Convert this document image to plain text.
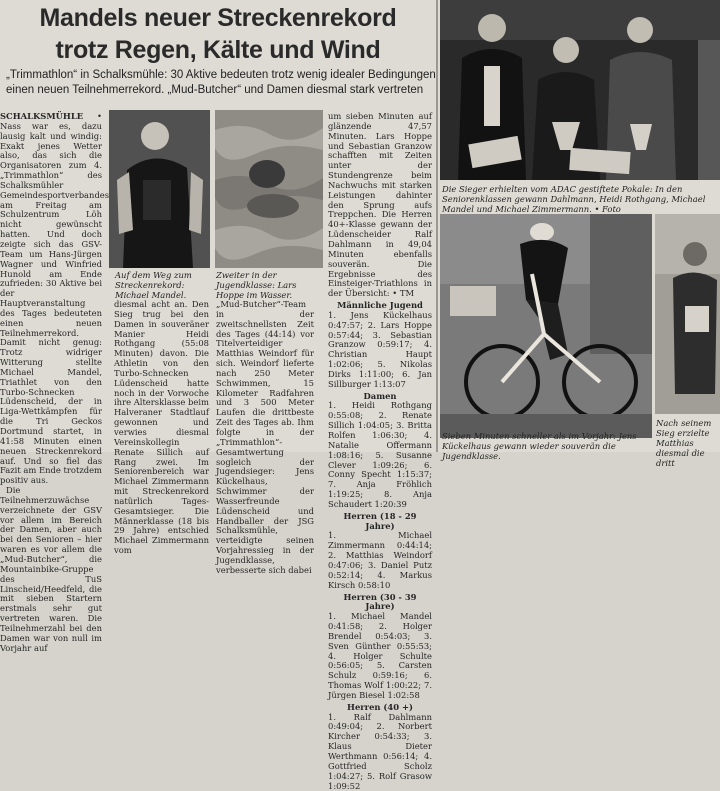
Mandels neuer Streckenrekord
trotz Regen, Kälte und Wind
„Trimmathlon“ in Schalksmühle: 30 Aktive bedeuten trotz wenig idealer Bedingungen einen neuen Teilnehmerrekord. „Mud-Butcher“ und Damen diesmal stark vertreten

SCHALKSMÜHLE • Nass war es, dazu lausig kalt und windig: Exakt jenes Wetter also, das sich die Organisatoren zum 4. „Trimmathlon“ des Schalksmühler Gemeindesportverbandes am Freitag am Schulzentrum Löh nicht gewünscht hatten. Und doch zeigte sich das GSV-Team um Hans-Jürgen Wagner und Winfried Hunold am Ende zufrieden: 30 Aktive bei der Hauptveranstaltung des Tages bedeuteten einen neuen Teilnehmerrekord. Damit nicht genug: Trotz widriger Witterung stellte Michael Mandel, Triathlet von den Turbo-Schnecken Lüdenscheid, der in Liga-Wettkämpfen für die Tri Geckos Dortmund startet, in 41:58 Minuten einen neuen Streckenrekord auf. Und so fiel das Fazit am Ende trotzdem positiv aus.

Die Teilnehmerzuwächse verzeichnete der GSV vor allem im Bereich der Damen, aber auch bei den Senioren – hier waren es vor allem die „Mud-Butcher“, die Mountainbike-Gruppe des TuS Linscheid/Heedfeld, die mit sieben Startern erstmals sehr gut vertreten waren. Die Teilnehmerzahl bei den Damen war von null im Vorjahr auf

Auf dem Weg zum Streckenrekord: Michael Mandel.
Zweiter in der Jugendklasse: Lars Hoppe im Wasser.
diesmal acht an. Den Sieg trug bei den Damen in souveräner Manier Heidi Rothgang (55:08 Minuten) davon. Die Athletin von den Turbo-Schnecken Lüdenscheid hatte noch in der Vorwoche ihre Altersklasse beim Halveraner Stadtlauf gewonnen und verwies diesmal Vereinskollegin Renate Sillich auf Rang zwei. Im Seniorenbereich war Michael Zimmermann mit Streckenrekord natürlich Tages-Gesamtsieger. Die Männerklasse (18 bis 29 Jahre) entschied Michael Zimmermann vom
„Mud-Butcher“-Team in der zweitschnellsten Zeit des Tages (44:14) vor Titelverteidiger Matthias Weindorf für sich. Weindorf lieferte nach 250 Meter Schwimmen, 15 Kilometer Radfahren und 3 500 Meter Laufen die drittbeste Zeit des Tages ab. Ihm folgte in der „Trimmathlon“-Gesamtwertung sogleich der Jugendsieger: Jens Kückelhaus, Schwimmer der Wasserfreunde Lüdenscheid und Handballer der JSG Schalksmühle, verteidigte seinen Vorjahressieg in der Jugendklasse, verbesserte sich dabei

um sieben Minuten auf glänzende 47,57 Minuten. Lars Hoppe und Sebastian Granzow schafften mit Zeiten unter der Stundengrenze beim Nachwuchs mit starken Leistungen dahinter den Sprung aufs Treppchen. Die Herren 40+-Klasse gewann der Lüdenscheider Ralf Dahlmann in 49,04 Minuten ebenfalls souverän. Die Ergebnisse des Einsteiger-Triathlons in der Übersicht: • TM

Männliche Jugend

1. Jens Kückelhaus 0:47:57; 2. Lars Hoppe 0:57:44; 3. Sebastian Granzow 0:59:17; 4. Christian Haupt 1:02:06; 5. Nikolas Dirks 1:11:00; 6. Jan Sillburger 1:13:07

Damen

1. Heidi Rothgang 0:55:08; 2. Renate Sillich 1:04:05; 3. Britta Rolfen 1:06:30; 4. Natalie Offermann 1:08:16; 5. Susanne Clever 1:09:26; 6. Conny Specht 1:15:37; 7. Anja Fröhlich 1:19:25; 8. Anja Schaudert 1:20:39

Herren (18 - 29 Jahre)

1. Michael Zimmermann 0:44:14; 2. Matthias Weindorf 0:47:06; 3. Daniel Putz 0:52:14; 4. Markus Kirsch 0:58:10

Herren (30 - 39 Jahre)

1. Michael Mandel 0:41:58; 2. Holger Brendel 0:54:03; 3. Sven Günther 0:55:53; 4. Holger Schulte 0:56:05; 5. Carsten Schulz 0:59:16; 6. Thomas Wolf 1:00:22; 7. Jürgen Biesel 1:02:58

Herren (40 +)

1. Ralf Dahlmann 0:49:04; 2. Norbert Kircher 0:54:33; 3. Klaus Dieter Werthmann 0:56:14; 4. Gottfried Scholz 1:04:27; 5. Rolf Grasow 1:09:52

Die Sieger erhielten vom ADAC gestiftete Pokale: In den Seniorenklassen gewann Dahlmann, Heidi Rothgang, Michael Mandel und Michael Zimmermann. • Foto
Sieben Minuten schneller als im Vorjahr: Jens Kückelhaus gewann wieder souverän die Jugendklasse.
Nach seinem Sieg erzielte Matthias diesmal die dritt
